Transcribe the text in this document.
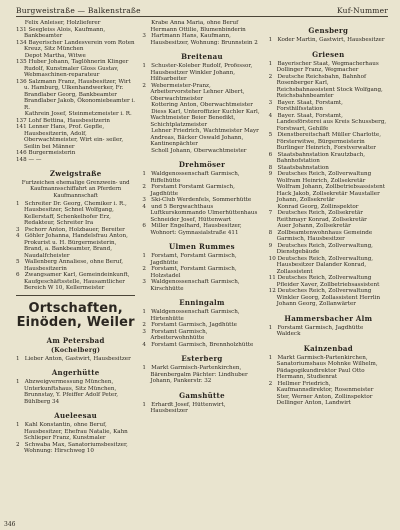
Burgweistraße — Balkenstraße	Kuf-Nummer

Felix Anleiser, Holzlieferer

131 Seegleiss Alois, Kaufmann, Bankbeamter

134 Bayerischer Landesverein vom Roten Kreuz, Sitz München

Depot Martha, Witwe

135 Huber Johann, Taglöhnerin Klinger Rudolf, Kunstmaler Gloss Gustav, Webmaschinen-reparateur

136 Salzmann Franz, Hausbesitzer, Wirt u. Hamburg, Ulkenhandwerker, Fr. Brandlaber Georg, Bankbeamter Brandlaber Jakob, Ökonomiebeamter i. R.

Kathrein Josef, Steinmetzmeister i. R.

137 Lohf Bettina, Hausbesitzerin

141 Lenner Hans, Prof. Gepfle, Hausbesitzerin, Adolf, Oberwachtmeister, Wirt ein- seiler, Seilin bei Männer

146 Burgermeisterin

148 — —

Zweigstraße

Furtzeichen ehemalige Grenzwein- und Kaufmannsschiffahrt an Pferdern Kaufmannschaft

1 Schreiter Dr. Georg, Chemiker i. R., Hausbesitzer, Schnel Wolfgang, Kellerstaff, Schenkelhofer Erz, Redakteur, Schreiter Ira

3 Pschorr Anton, Holzbauer, Bereiter

4 Göhler Johanna, Handelsfrau Anton, Prokurist u. H. Bürgermeisterin, Brand, a. Bankbeamter, Brand, Naudalfcheister

5 Wallenberg Annaliese, ohne Beruf, Hausbesitzerin

6 Zwangsamer Karl, Gemeindeinkunft, Kaufgeschäftsstelle, Hausamtlicher Bereich W 10, Kellermeister

Ortschaften, Einöden, Weiler
Am Petersbad
(Kochelberg)

1 Lieber Anton, Gastwirt, Hausbesitzer

Angerhütte

1 Abzweigvermessung München, Unterkunftshaus, Sitz München, Brunnstay, Y. Pfeiffer Adolf Peter, Bühlberg 34

Aueleesau

1 Kahl Konstantin, ohne Beruf, Hausbesitzer, Ehefrau Natalie, Kahn Schlieper Franz, Kunstmaler

2 Schwaba Max, Sanatoriumsbesitzer, Wohnung: Hirschweg 10

Krabe Anna Maria, ohne Beruf Hermann Ottilie, Blumenbinderin

3 Hartmann Hans, Kaufmann, Hausbesitzer, Wohnung: Brunnstein 2

Breitenau

1 Schuster-Koleber Rudolf, Professor, Hausbesitzer Winkler Johann, Hilfsarbeiter

2 Webermeister-Pranz, Arbeitervorsteher Lehner Albert, Oberwachtmeister

Kottering Anton, Oberwachtmeister

Diess Karl, Unteroffizier Kuchler Karl, Wachtmeister Beier Benedikt, Schichtplatzmeister

Lehner Friedrich, Wachtmeister Mayr Andreas, Bäcker Oswald Johann, Kantinenpächter

Scholl Johann, Oberwachtmeister

Drehmöser

1 Waldgenossenschaft Garmisch, Riffelhütte

2 Forstamt Forstamt Garmisch, Jagdhütte

3 Ski-Club Werdenfels, Sommerhütte

4 und 5 Bergwachthaus Luftkurskommando Ulmerhüttenhaus Schneider Josef, Hüttenwart

6 Miller Engelhard, Hausbesitzer, Wohnort: Gymnasialstraße 411

Ulmen Rummes

1 Forstamt, Forstamt Garmisch, Jagdhütte

2 Forstamt, Forstamt Garmisch, Holzstadel

3 Waldgenossenschaft Garmisch, Kirschhütte

Enningalm

1 Waldgenossenschaft Garmisch, Hirtenhütte

2 Forstamt Garmisch, Jagdhütte

3 Forstamt Garmisch, Arbeiterwohnhütte

4 Forstamt Garmisch, Brennholzhütte

Esterberg

1 Markt Garmisch-Partenkirchen, Bärenbergalm Pächter: Lindhuber Johann, Pankerstr. 32

Gamshütte

1 Erhardt Josef, Hüttenwirt, Hausbesitzer

Gensberg

1 Koder Martin, Gastwirt, Hausbesitzer

Griesen

1 Bayerischer Staat, Wegmacherhaus Dollinger Franz, Wegmacher

2 Deutsche Reichsbahn, Bahnhof Rosenberger Karl, Reichsbahnassistent Stock Wolfgang, Reichsbahnbeamter

3 Bayer. Staat, Forstamt, Forsthilfsstation

4 Bayer. Staat, Forstamt, Landesförsterei aus Kreis Schussberg, Forstwart, Gehilfe

5 Dienstbereitschaft Müller Charlotte, Försterwitwe, Bürgermeisterin Burlinger Heinrich, Forstverwalter

6 Staatsbahnstation Krautzbach, Bahnhofstation

8 Staatsbahnstation

9 Deutsches Reich, Zollverwaltung Wolfram Heinrich, Zollsekretär Wolfram Johann, Zollbetriebsassistent Hack Jakob, Zollsekretär Maustaller Johann, Zollsekretär

Konrad Georg, Zollinspektor

7 Deutsches Reich, Zollsekretär Reithmayr Konrad, Zollsekretär

Auer Johann, Zollsekretär

8 Zollbeamtenwohnhaus Gemeinde Garmisch, Hausbesitzer

9 Deutsches Reich, Zollverwaltung, Dienstgebäude

10 Deutsches Reich, Zollverwaltung, Hausbesitzer Dalander Konrad, Zollassistent

11 Deutsches Reich, Zollverwaltung Pfleider Xaver, Zollbetriebsassistent

12 Deutsches Reich, Zollverwaltung Winkler Georg, Zollassistent Herrlin Johann Georg, Zollanwärter

Hammersbacher Alm

1 Forstamt Garmisch, Jagdhütte Waldeck

Kainzenbad

1 Markt Garmisch-Partenkirchen, Sanatoriumshaus Mohnke Wilhelm, Pädagogikundirektor Paul Otto Hermann, Studienrat

2 Hellmer Friedrich, Kaufmannsdirektor, Rosenmeister Ster, Werner Anton, Zollinspektor Dellinger Anton, Landwirt

346
